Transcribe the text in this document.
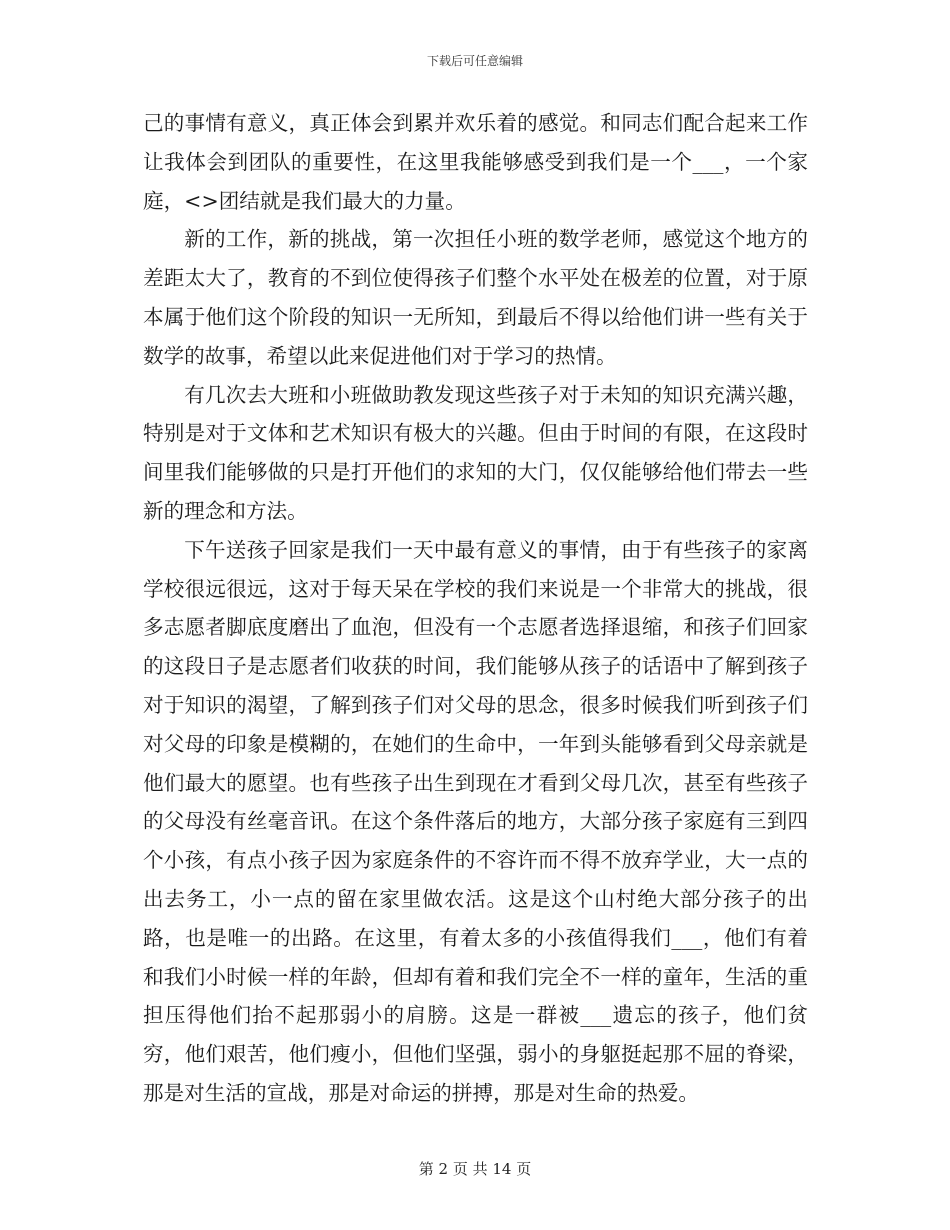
下载后可任意编辑

己的事情有意义，真正体会到累并欢乐着的感觉。和同志们配合起来工作让我体会到团队的重要性，在这里我能够感受到我们是一个___，一个家庭，<>团结就是我们最大的力量。

新的工作，新的挑战，第一次担任小班的数学老师，感觉这个地方的差距太大了，教育的不到位使得孩子们整个水平处在极差的位置，对于原本属于他们这个阶段的知识一无所知，到最后不得以给他们讲一些有关于数学的故事，希望以此来促进他们对于学习的热情。

有几次去大班和小班做助教发现这些孩子对于未知的知识充满兴趣，特别是对于文体和艺术知识有极大的兴趣。但由于时间的有限，在这段时间里我们能够做的只是打开他们的求知的大门，仅仅能够给他们带去一些新的理念和方法。

下午送孩子回家是我们一天中最有意义的事情，由于有些孩子的家离学校很远很远，这对于每天呆在学校的我们来说是一个非常大的挑战，很多志愿者脚底度磨出了血泡，但没有一个志愿者选择退缩，和孩子们回家的这段日子是志愿者们收获的时间，我们能够从孩子的话语中了解到孩子对于知识的渴望，了解到孩子们对父母的思念，很多时候我们听到孩子们对父母的印象是模糊的，在她们的生命中，一年到头能够看到父母亲就是他们最大的愿望。也有些孩子出生到现在才看到父母几次，甚至有些孩子的父母没有丝毫音讯。在这个条件落后的地方，大部分孩子家庭有三到四个小孩，有点小孩子因为家庭条件的不容许而不得不放弃学业，大一点的出去务工，小一点的留在家里做农活。这是这个山村绝大部分孩子的出路，也是唯一的出路。在这里，有着太多的小孩值得我们___，他们有着和我们小时候一样的年龄，但却有着和我们完全不一样的童年，生活的重担压得他们抬不起那弱小的肩膀。这是一群被___遗忘的孩子，他们贫穷，他们艰苦，他们瘦小，但他们坚强，弱小的身躯挺起那不屈的脊梁，那是对生活的宣战，那是对命运的拼搏，那是对生命的热爱。

第 2 页 共 14 页
